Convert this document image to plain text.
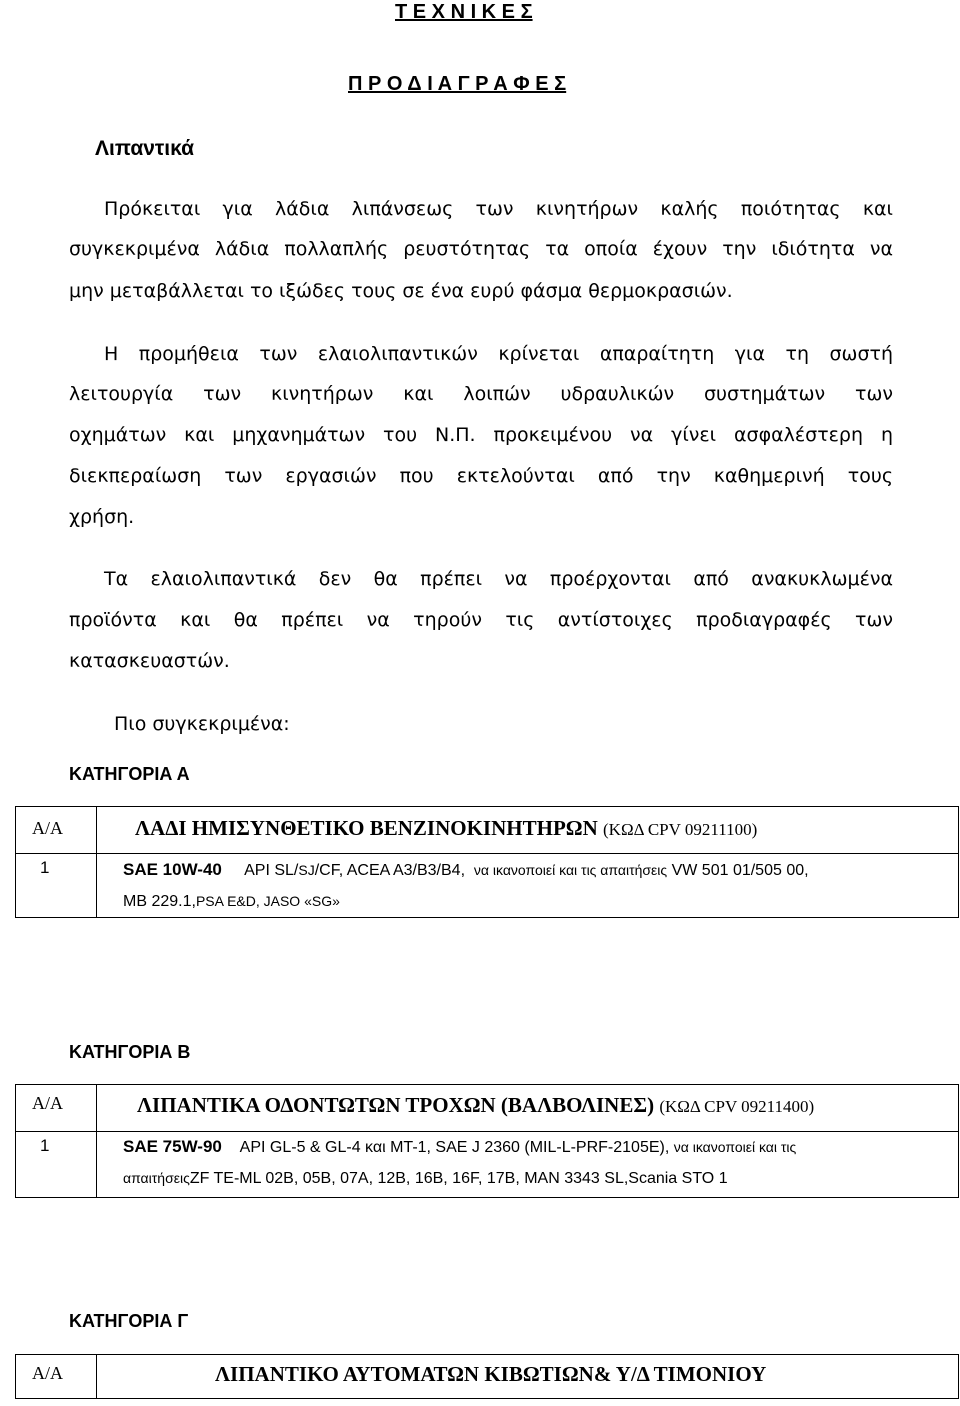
Τ Ε Χ Ν Ι Κ Ε Σ
Π Ρ Ο Δ Ι Α Γ Ρ Α Φ Ε Σ
Λιπαντικά
Πρόκειται για λάδια λιπάνσεως των κινητήρων καλής ποιότητας και
συγκεκριμένα λάδια πολλαπλής ρευστότητας τα οποία έχουν την ιδιότητα να
μην μεταβάλλεται το ιξώδες τους σε ένα ευρύ φάσμα θερμοκρασιών.
Η προμήθεια των ελαιολιπαντικών κρίνεται απαραίτητη για τη σωστή
λειτουργία των κινητήρων και λοιπών υδραυλικών συστημάτων των
οχημάτων και μηχανημάτων του Ν.Π. προκειμένου να γίνει ασφαλέστερη η
διεκπεραίωση των εργασιών που εκτελούνται από την καθημερινή τους
χρήση.
Τα ελαιολιπαντικά δεν θα πρέπει να προέρχονται από ανακυκλωμένα
προϊόντα και θα πρέπει να τηρούν τις αντίστοιχες προδιαγραφές των
κατασκευαστών.
Πιο συγκεκριμένα:
ΚΑΤΗΓΟΡΙΑ Α
Α/Α	ΛΑΔΙ ΗΜΙΣΥΝΘΕΤΙΚΟ ΒΕΝΖΙΝΟΚΙΝΗΤΗΡΩΝ (ΚΩΔ CPV 09211100)
1	SAE 10W-40 API SL/SJ/CF, ACEA A3/B3/B4, να ικανοποιεί και τις απαιτήσεις VW 501 01/505 00,
MB 229.1,PSA E&D, JASO «SG»
ΚΑΤΗΓΟΡΙΑ Β
Α/Α	ΛΙΠΑΝΤΙΚΑ ΟΔΟΝΤΩΤΩΝ ΤΡΟΧΩΝ (ΒΑΛΒΟΛΙΝΕΣ) (ΚΩΔ CPV 09211400)
1	SAE 75W-90 API GL-5 & GL-4 και MT-1, SAE J 2360 (MIL-L-PRF-2105E), να ικανοποιεί και τις
απαιτήσειςZF TE-ML 02B, 05B, 07A, 12B, 16B, 16F, 17B, MAN 3343 SL,Scania STO 1
ΚΑΤΗΓΟΡΙΑ Γ
Α/Α	ΛΙΠΑΝΤΙΚΟ ΑΥΤΟΜΑΤΩΝ ΚΙΒΩΤΙΩΝ& Υ/Δ ΤΙΜΟΝΙΟΥ
